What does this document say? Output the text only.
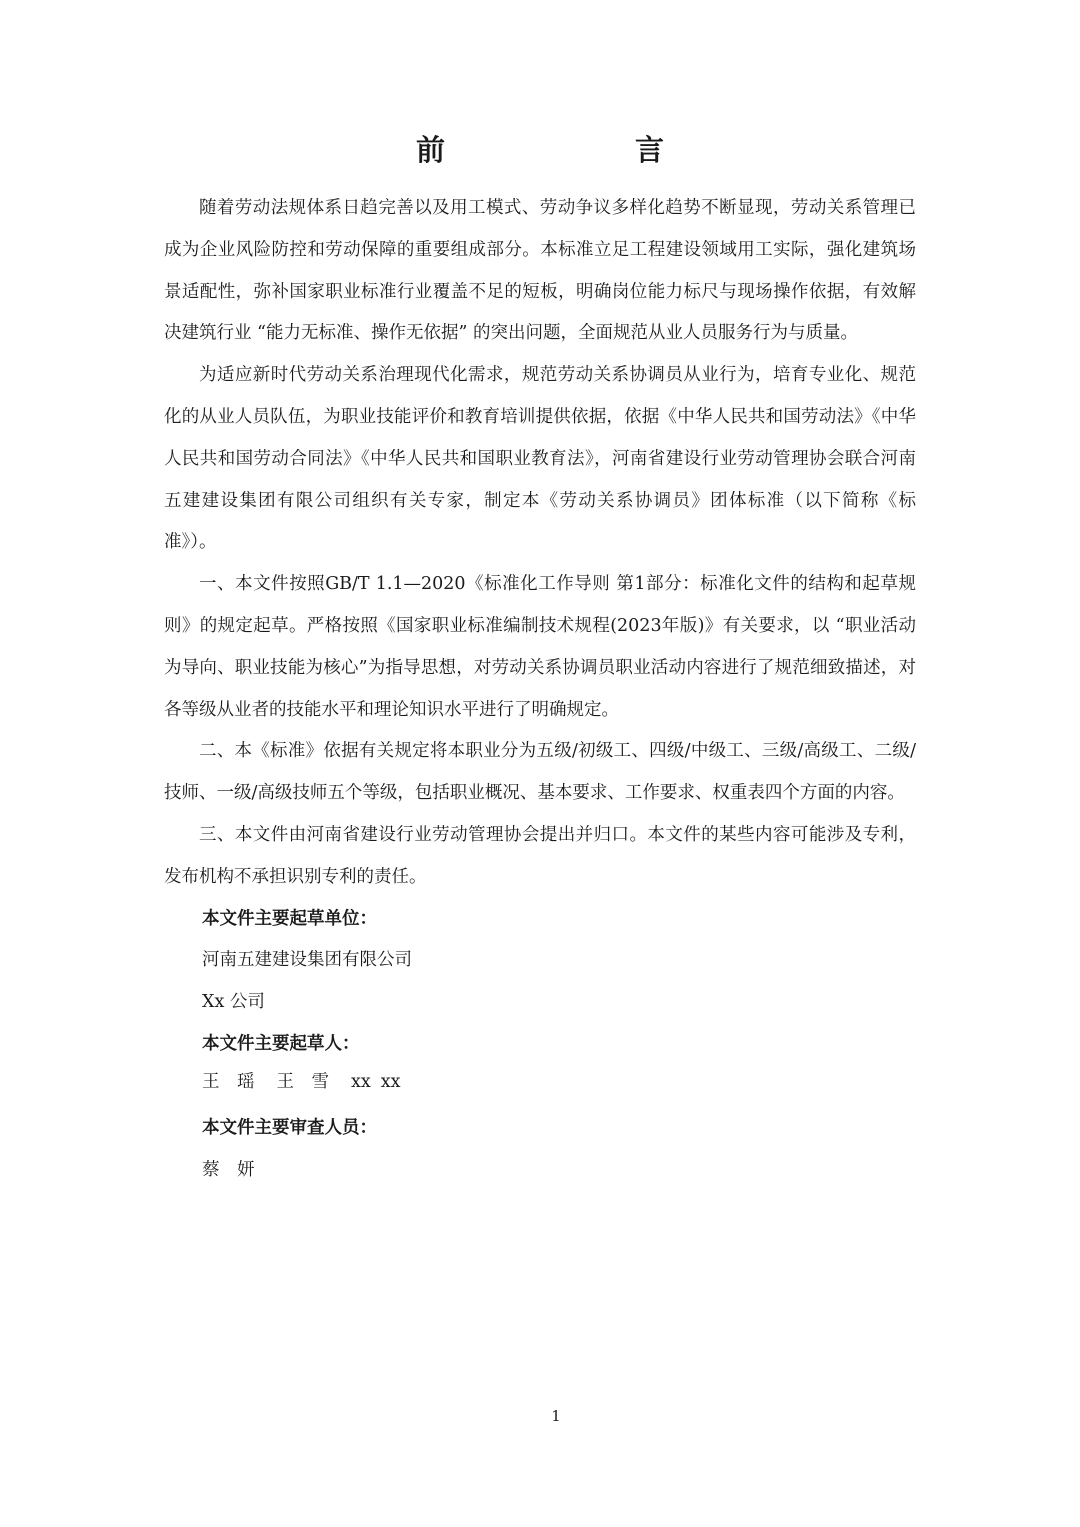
前　　言

随着劳动法规体系日趋完善以及用工模式、劳动争议多样化趋势不断显现，劳动关系管理已成为企业风险防控和劳动保障的重要组成部分。本标准立足工程建设领域用工实际，强化建筑场景适配性，弥补国家职业标准行业覆盖不足的短板，明确岗位能力标尺与现场操作依据，有效解决建筑行业 “能力无标准、操作无依据” 的突出问题，全面规范从业人员服务行为与质量。

为适应新时代劳动关系治理现代化需求，规范劳动关系协调员从业行为，培育专业化、规范化的从业人员队伍，为职业技能评价和教育培训提供依据，依据《中华人民共和国劳动法》《中华人民共和国劳动合同法》《中华人民共和国职业教育法》，河南省建设行业劳动管理协会联合河南五建建设集团有限公司组织有关专家，制定本《劳动关系协调员》团体标准（以下简称《标准》）。

一、本文件按照GB/T 1.1—2020《标准化工作导则 第1部分：标准化文件的结构和起草规则》的规定起草。严格按照《国家职业标准编制技术规程(2023年版)》有关要求，以 “职业活动为导向、职业技能为核心”为指导思想，对劳动关系协调员职业活动内容进行了规范细致描述，对各等级从业者的技能水平和理论知识水平进行了明确规定。

二、本《标准》依据有关规定将本职业分为五级/初级工、四级/中级工、三级/高级工、二级/技师、一级/高级技师五个等级，包括职业概况、基本要求、工作要求、权重表四个方面的内容。

三、本文件由河南省建设行业劳动管理协会提出并归口。本文件的某些内容可能涉及专利，发布机构不承担识别专利的责任。

本文件主要起草单位：

河南五建建设集团有限公司

Xx 公司

本文件主要起草人：

王　瑶 王　雪 xx xx

本文件主要审查人员：

蔡　妍

1
